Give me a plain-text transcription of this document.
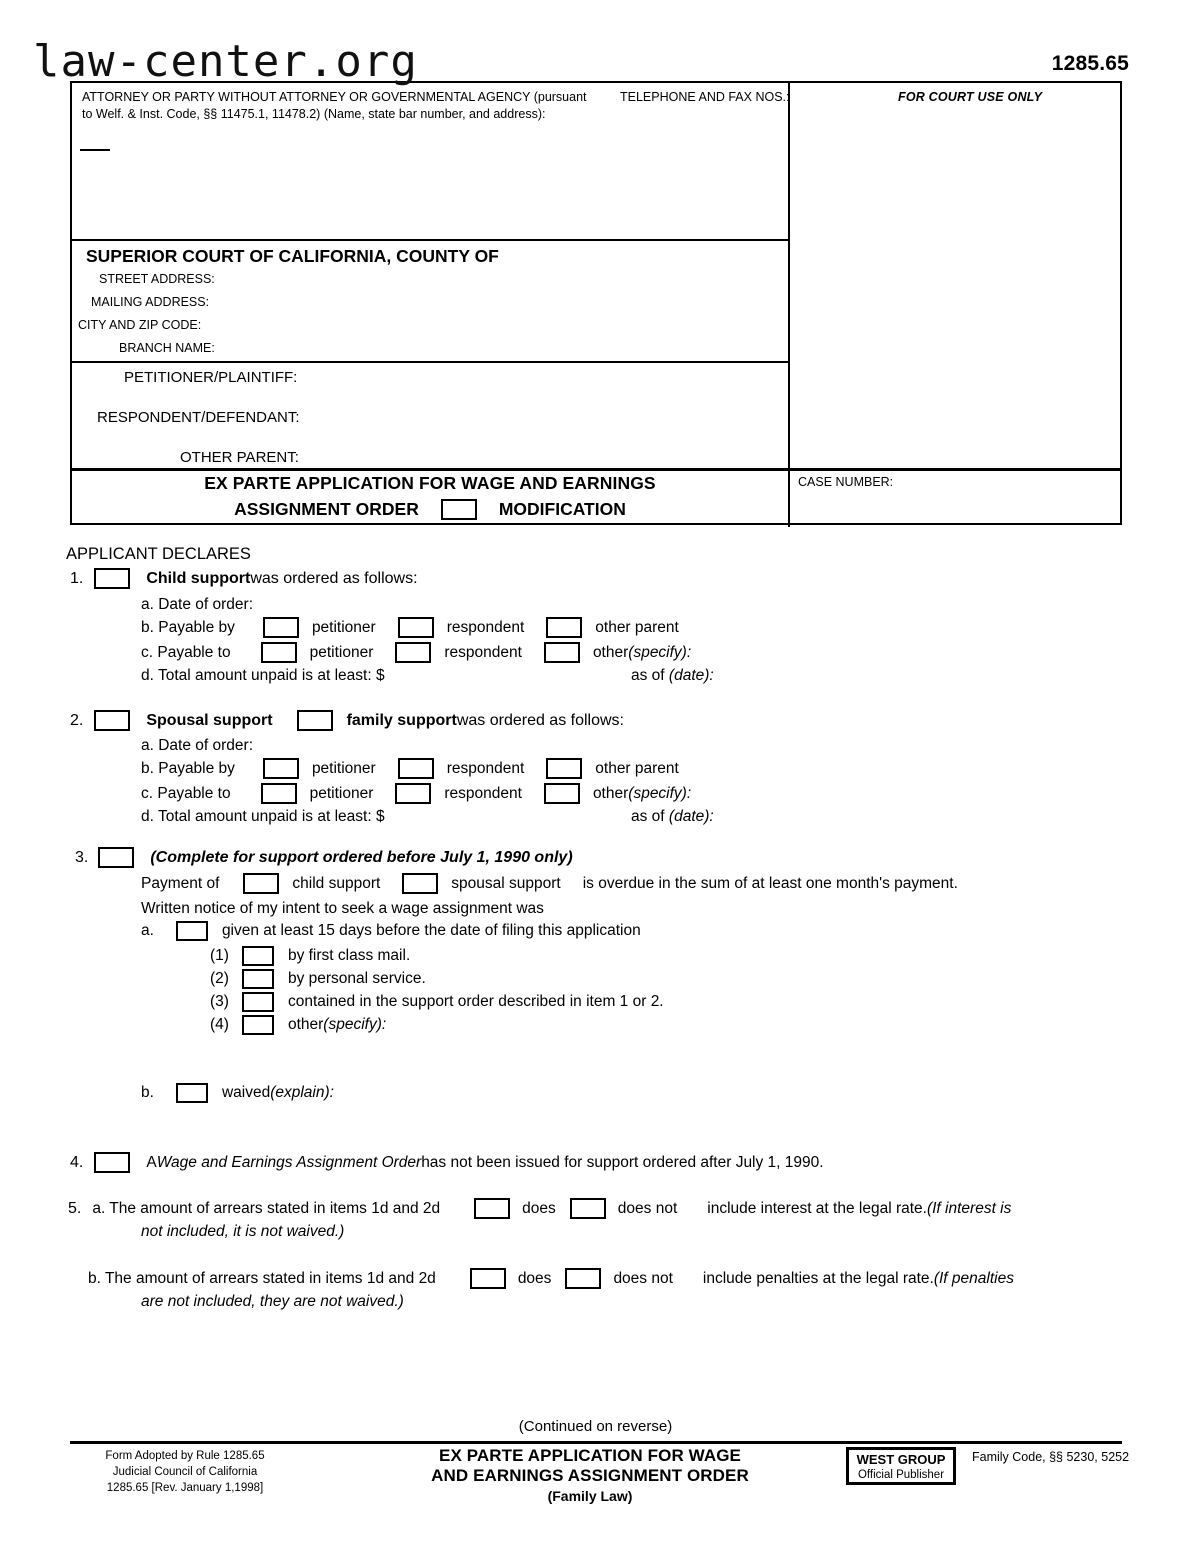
law-center.org	1285.65
ATTORNEY OR PARTY WITHOUT ATTORNEY OR GOVERNMENTAL AGENCY (pursuant
to Welf. & Inst. Code, §§ 11475.1, 11478.2) (Name, state bar number, and address):
TELEPHONE AND FAX NOS.:	FOR COURT USE ONLY
SUPERIOR COURT OF CALIFORNIA, COUNTY OF
STREET ADDRESS:
MAILING ADDRESS:
CITY AND ZIP CODE:
BRANCH NAME:
PETITIONER/PLAINTIFF:
RESPONDENT/DEFENDANT:
OTHER PARENT:
EX PARTE APPLICATION FOR WAGE AND EARNINGS
ASSIGNMENT ORDER	MODIFICATION
CASE NUMBER:
APPLICANT DECLARES
1.	Child support was ordered as follows:
a. Date of order:
b. Payable by	petitioner	respondent	other parent
c. Payable to	petitioner	respondent	other (specify):
d. Total amount unpaid is at least: $	as of (date):
2.	Spousal support	family support was ordered as follows:
a. Date of order:
b. Payable by	petitioner	respondent	other parent
c. Payable to	petitioner	respondent	other (specify):
d. Total amount unpaid is at least: $	as of (date):
3.	(Complete for support ordered before July 1, 1990 only)
Payment of	child support	spousal support is overdue in the sum of at least one month's payment.
Written notice of my intent to seek a wage assignment was
a.	given at least 15 days before the date of filing this application
(1)	by first class mail.
(2)	by personal service.
(3)	contained in the support order described in item 1 or 2.
(4)	other (specify):
b.	waived (explain):
4.	A Wage and Earnings Assignment Order has not been issued for support ordered after July 1, 1990.
5. a. The amount of arrears stated in items 1d and 2d	does	does not include interest at the legal rate. (If interest is
not included, it is not waived.)
b. The amount of arrears stated in items 1d and 2d	does	does not include penalties at the legal rate. (If penalties
are not included, they are not waived.)
(Continued on reverse)
Form Adopted by Rule 1285.65
Judicial Council of California
1285.65 [Rev. January 1,1998]
EX PARTE APPLICATION FOR WAGE
AND EARNINGS ASSIGNMENT ORDER
(Family Law)
WEST GROUP
Official Publisher
Family Code, §§ 5230, 5252
